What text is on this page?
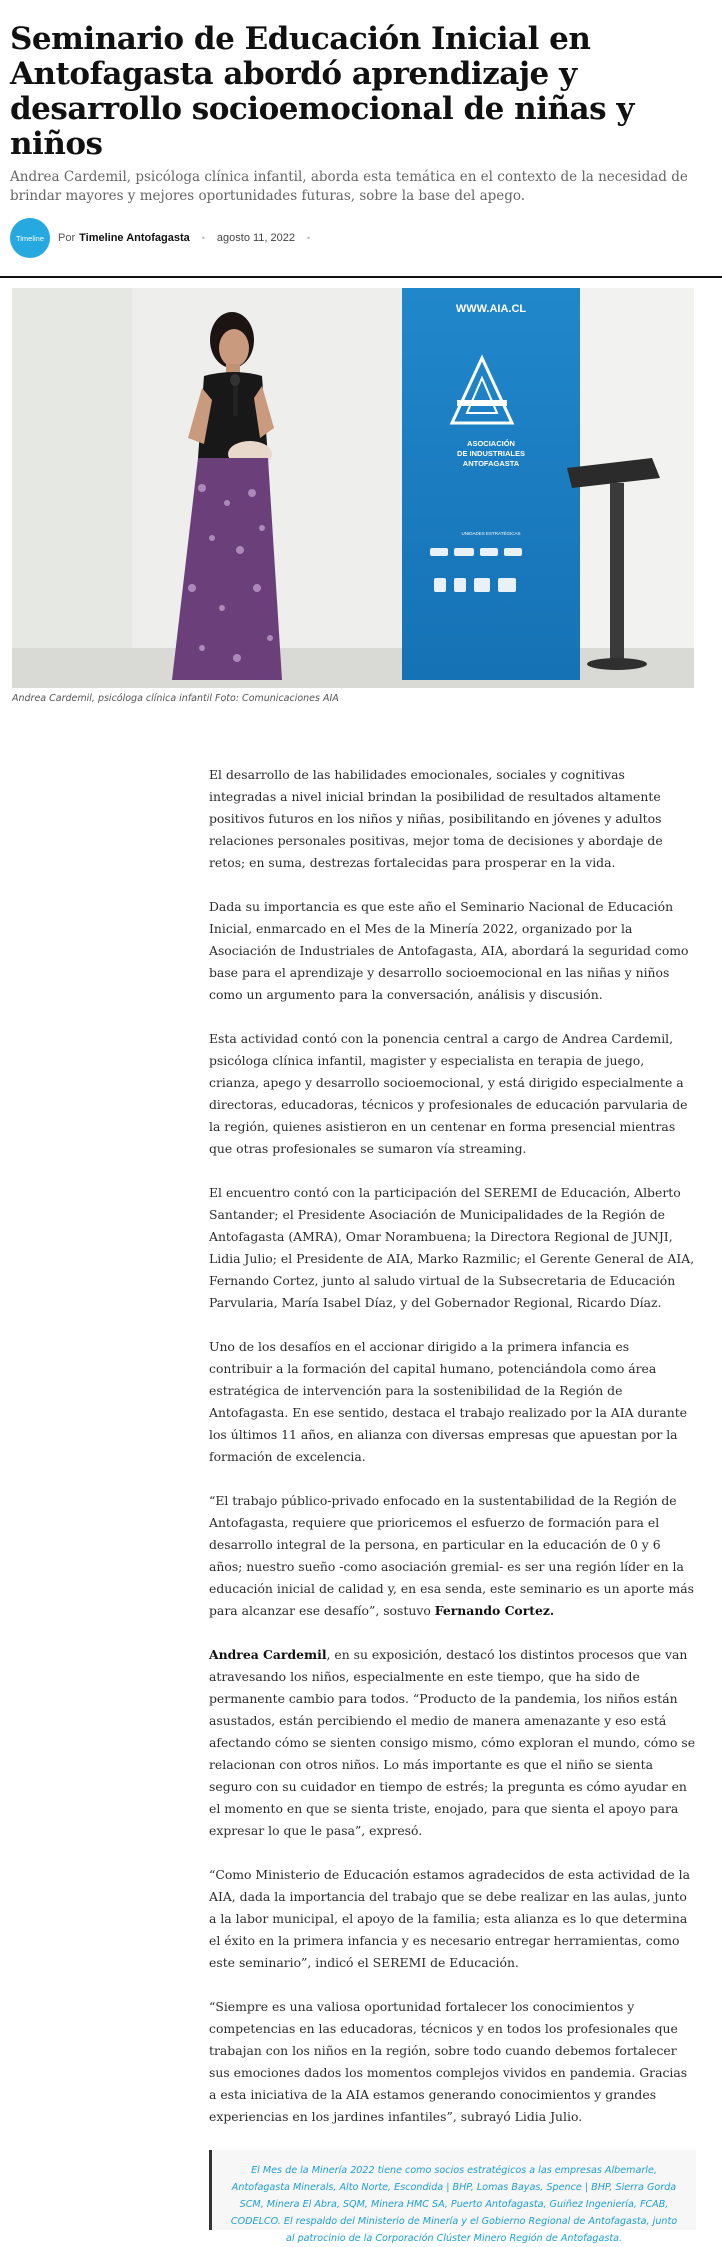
Seminario de Educación Inicial en Antofagasta abordó aprendizaje y desarrollo socioemocional de niñas y niños

Andrea Cardemil, psicóloga clínica infantil, aborda esta temática en el contexto de la necesidad de brindar mayores y mejores oportunidades futuras, sobre la base del apego.

Timeline Por Timeline Antofagasta • agosto 11, 2022 •
WWW.AIA.CL
ASOCIACIÓN
DE INDUSTRIALES
ANTOFAGASTA
UNIDADES ESTRATÉGICAS
Andrea Cardemil, psicóloga clínica infantil Foto: Comunicaciones AIA

El desarrollo de las habilidades emocionales, sociales y cognitivas integradas a nivel inicial brindan la posibilidad de resultados altamente positivos futuros en los niños y niñas, posibilitando en jóvenes y adultos relaciones personales positivas, mejor toma de decisiones y abordaje de retos; en suma, destrezas fortalecidas para prosperar en la vida.

Dada su importancia es que este año el Seminario Nacional de Educación Inicial, enmarcado en el Mes de la Minería 2022, organizado por la Asociación de Industriales de Antofagasta, AIA, abordará la seguridad como base para el aprendizaje y desarrollo socioemocional en las niñas y niños como un argumento para la conversación, análisis y discusión.

Esta actividad contó con la ponencia central a cargo de Andrea Cardemil, psicóloga clínica infantil, magister y especialista en terapia de juego, crianza, apego y desarrollo socioemocional, y está dirigido especialmente a directoras, educadoras, técnicos y profesionales de educación parvularia de la región, quienes asistieron en un centenar en forma presencial mientras que otras profesionales se sumaron vía streaming.

El encuentro contó con la participación del SEREMI de Educación, Alberto Santander; el Presidente Asociación de Municipalidades de la Región de Antofagasta (AMRA), Omar Norambuena; la Directora Regional de JUNJI, Lidia Julio; el Presidente de AIA, Marko Razmilic; el Gerente General de AIA, Fernando Cortez, junto al saludo virtual de la Subsecretaria de Educación Parvularia, María Isabel Díaz, y del Gobernador Regional, Ricardo Díaz.

Uno de los desafíos en el accionar dirigido a la primera infancia es contribuir a la formación del capital humano, potenciándola como área estratégica de intervención para la sostenibilidad de la Región de Antofagasta. En ese sentido, destaca el trabajo realizado por la AIA durante los últimos 11 años, en alianza con diversas empresas que apuestan por la formación de excelencia.

“El trabajo público-privado enfocado en la sustentabilidad de la Región de Antofagasta, requiere que prioricemos el esfuerzo de formación para el desarrollo integral de la persona, en particular en la educación de 0 y 6 años; nuestro sueño -como asociación gremial- es ser una región líder en la educación inicial de calidad y, en esa senda, este seminario es un aporte más para alcanzar ese desafío”, sostuvo Fernando Cortez.

Andrea Cardemil, en su exposición, destacó los distintos procesos que van atravesando los niños, especialmente en este tiempo, que ha sido de permanente cambio para todos. “Producto de la pandemia, los niños están asustados, están percibiendo el medio de manera amenazante y eso está afectando cómo se sienten consigo mismo, cómo exploran el mundo, cómo se relacionan con otros niños. Lo más importante es que el niño se sienta seguro con su cuidador en tiempo de estrés; la pregunta es cómo ayudar en el momento en que se sienta triste, enojado, para que sienta el apoyo para expresar lo que le pasa”, expresó.

“Como Ministerio de Educación estamos agradecidos de esta actividad de la AIA, dada la importancia del trabajo que se debe realizar en las aulas, junto a la labor municipal, el apoyo de la familia; esta alianza es lo que determina el éxito en la primera infancia y es necesario entregar herramientas, como este seminario”, indicó el SEREMI de Educación.

“Siempre es una valiosa oportunidad fortalecer los conocimientos y competencias en las educadoras, técnicos y en todos los profesionales que trabajan con los niños en la región, sobre todo cuando debemos fortalecer sus emociones dados los momentos complejos vividos en pandemia. Gracias a esta iniciativa de la AIA estamos generando conocimientos y grandes experiencias en los jardines infantiles”, subrayó Lidia Julio.

El Mes de la Minería 2022 tiene como socios estratégicos a las empresas Albemarle, Antofagasta Minerals, Alto Norte, Escondida | BHP, Lomas Bayas, Spence | BHP, Sierra Gorda SCM, Minera El Abra, SQM, Minera HMC SA, Puerto Antofagasta, Guiñez Ingeniería, FCAB, CODELCO. El respaldo del Ministerio de Minería y el Gobierno Regional de Antofagasta, junto al patrocinio de la Corporación Clúster Minero Región de Antofagasta.
